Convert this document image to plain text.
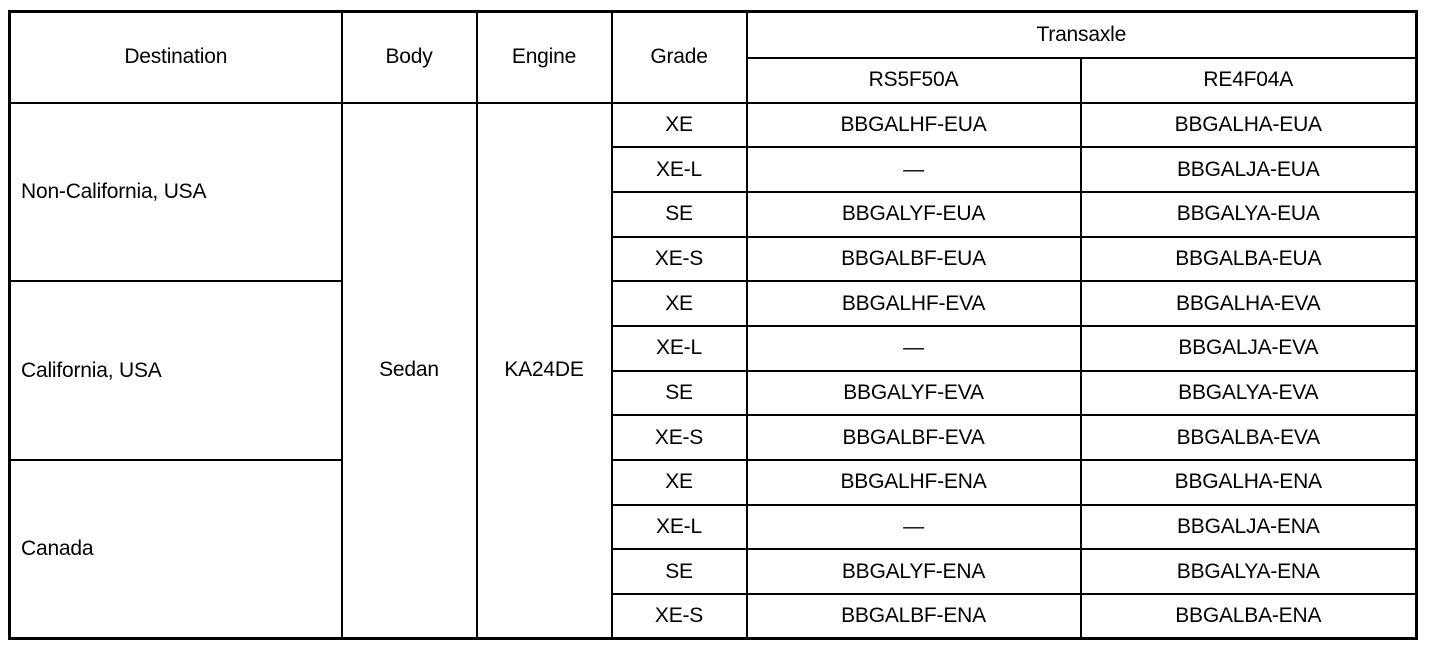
Destination	Body	Engine	Grade	Transaxle	
				RS5F50A	RE4F04A
Non-California, USA	Sedan	KA24DE	XE	BBGALHF-EUA	BBGALHA-EUA
			XE-L	—	BBGALJA-EUA
			SE	BBGALYF-EUA	BBGALYA-EUA
			XE-S	BBGALBF-EUA	BBGALBA-EUA
California, USA			XE	BBGALHF-EVA	BBGALHA-EVA
			XE-L	—	BBGALJA-EVA
			SE	BBGALYF-EVA	BBGALYA-EVA
			XE-S	BBGALBF-EVA	BBGALBA-EVA
Canada			XE	BBGALHF-ENA	BBGALHA-ENA
			XE-L	—	BBGALJA-ENA
			SE	BBGALYF-ENA	BBGALYA-ENA
			XE-S	BBGALBF-ENA	BBGALBA-ENA
